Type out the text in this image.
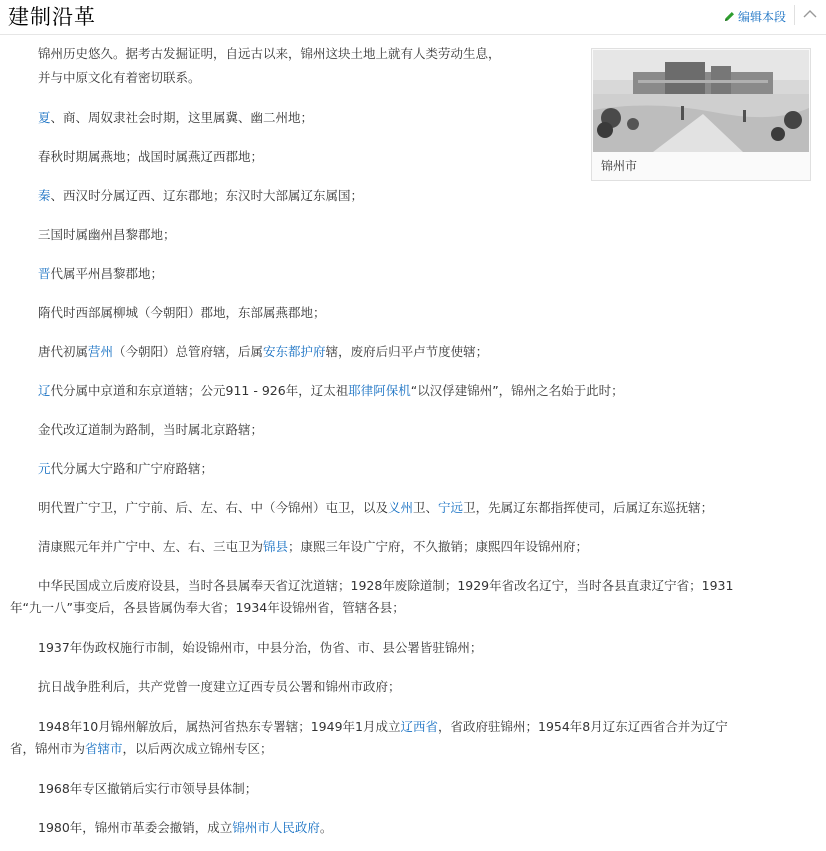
建制沿革	编辑本段

锦州历史悠久。据考古发掘证明，自远古以来，锦州这块土地上就有人类劳动生息，

并与中原文化有着密切联系。

夏、商、周奴隶社会时期，这里属冀、幽二州地；

春秋时期属燕地；战国时属燕辽西郡地；

秦、西汉时分属辽西、辽东郡地；东汉时大部属辽东属国；

三国时属幽州昌黎郡地；

晋代属平州昌黎郡地；

隋代时西部属柳城（今朝阳）郡地，东部属燕郡地；

唐代初属营州（今朝阳）总管府辖，后属安东都护府辖，废府后归平卢节度使辖；

辽代分属中京道和东京道辖；公元911 - 926年，辽太祖耶律阿保机“以汉俘建锦州”，锦州之名始于此时；

金代改辽道制为路制，当时属北京路辖；

元代分属大宁路和广宁府路辖；

明代置广宁卫，广宁前、后、左、右、中（今锦州）屯卫，以及义州卫、宁远卫，先属辽东都指挥使司，后属辽东巡抚辖；

清康熙元年并广宁中、左、右、三屯卫为锦县；康熙三年设广宁府，不久撤销；康熙四年设锦州府；

中华民国成立后废府设县，当时各县属奉天省辽沈道辖；1928年废除道制；1929年省改名辽宁，当时各县直隶辽宁省；1931

年“九一八”事变后，各县皆属伪奉大省；1934年设锦州省，管辖各县；

1937年伪政权施行市制，始设锦州市，中县分治，伪省、市、县公署皆驻锦州；

抗日战争胜利后，共产党曾一度建立辽西专员公署和锦州市政府；

1948年10月锦州解放后，属热河省热东专署辖；1949年1月成立辽西省，省政府驻锦州；1954年8月辽东辽西省合并为辽宁

省，锦州市为省辖市，以后两次成立锦州专区；

1968年专区撤销后实行市领导县体制；

1980年，锦州市革委会撤销，成立锦州市人民政府。

锦州市
